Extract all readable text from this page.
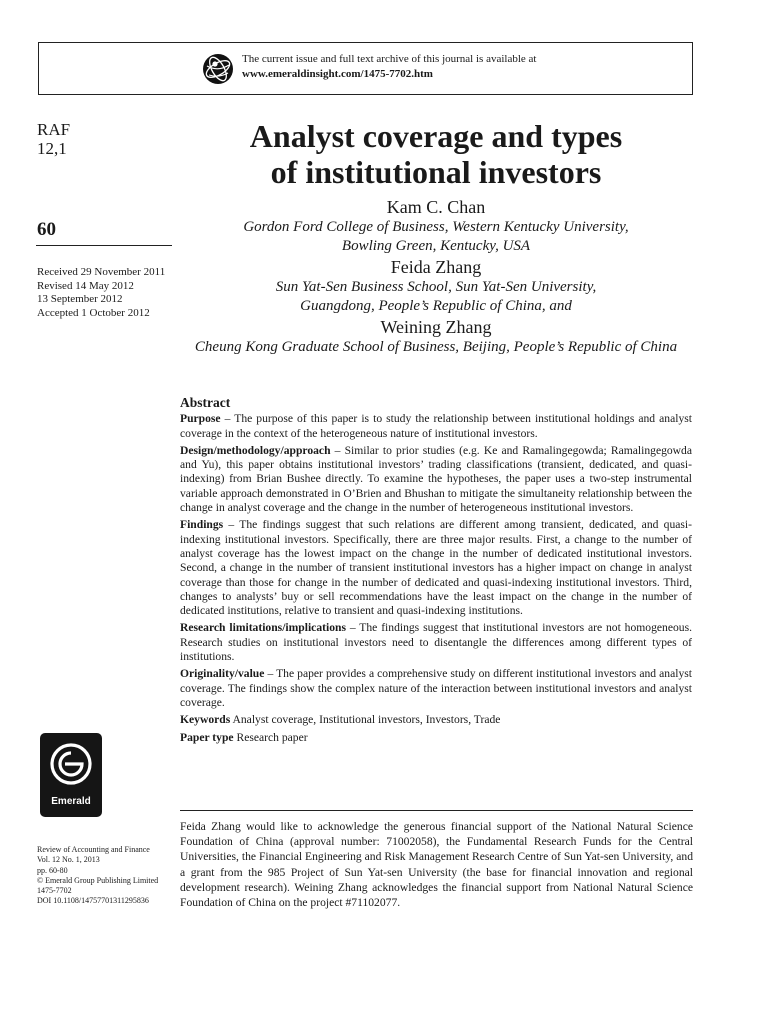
The current issue and full text archive of this journal is available at
www.emeraldinsight.com/1475-7702.htm
RAF
12,1
60
Received 29 November 2011
Revised 14 May 2012
13 September 2012
Accepted 1 October 2012
Analyst coverage and types
of institutional investors
Kam C. Chan
Gordon Ford College of Business, Western Kentucky University,
Bowling Green, Kentucky, USA
Feida Zhang
Sun Yat-Sen Business School, Sun Yat-Sen University,
Guangdong, People’s Republic of China, and
Weining Zhang
Cheung Kong Graduate School of Business, Beijing, People’s Republic of China
Abstract

Purpose – The purpose of this paper is to study the relationship between institutional holdings and analyst coverage in the context of the heterogeneous nature of institutional investors.

Design/methodology/approach – Similar to prior studies (e.g. Ke and Ramalingegowda; Ramalingegowda and Yu), this paper obtains institutional investors’ trading classifications (transient, dedicated, and quasi-indexing) from Brian Bushee directly. To examine the hypotheses, the paper uses a two-step instrumental variable approach demonstrated in O’Brien and Bhushan to mitigate the simultaneity relationship between the change in analyst coverage and the change in the number of heterogeneous institutional investors.

Findings – The findings suggest that such relations are different among transient, dedicated, and quasi-indexing institutional investors. Specifically, there are three major results. First, a change to the number of analyst coverage has the lowest impact on the change in the number of dedicated institutional investors. Second, a change in the number of transient institutional investors has a higher impact on change in analyst coverage than those for change in the number of dedicated and quasi-indexing institutional investors. Third, changes to analysts’ buy or sell recommendations have the least impact on the change in the number of dedicated institutions, relative to transient and quasi-indexing institutions.

Research limitations/implications – The findings suggest that institutional investors are not homogeneous. Research studies on institutional investors need to disentangle the differences among different types of institutions.

Originality/value – The paper provides a comprehensive study on different institutional investors and analyst coverage. The findings show the complex nature of the interaction between institutional investors and analyst coverage.

Keywords Analyst coverage, Institutional investors, Investors, Trade

Paper type Research paper

Emerald

Feida Zhang would like to acknowledge the generous financial support of the National Natural Science Foundation of China (approval number: 71002058), the Fundamental Research Funds for the Central Universities, the Financial Engineering and Risk Management Research Centre of Sun Yat-sen University, and a grant from the 985 Project of Sun Yat-sen University (the base for financial innovation and regional development research). Weining Zhang acknowledges the financial support from National Natural Science Foundation of China on the project #71102077.

Review of Accounting and Finance
Vol. 12 No. 1, 2013
pp. 60-80
© Emerald Group Publishing Limited
1475-7702
DOI 10.1108/14757701311295836
